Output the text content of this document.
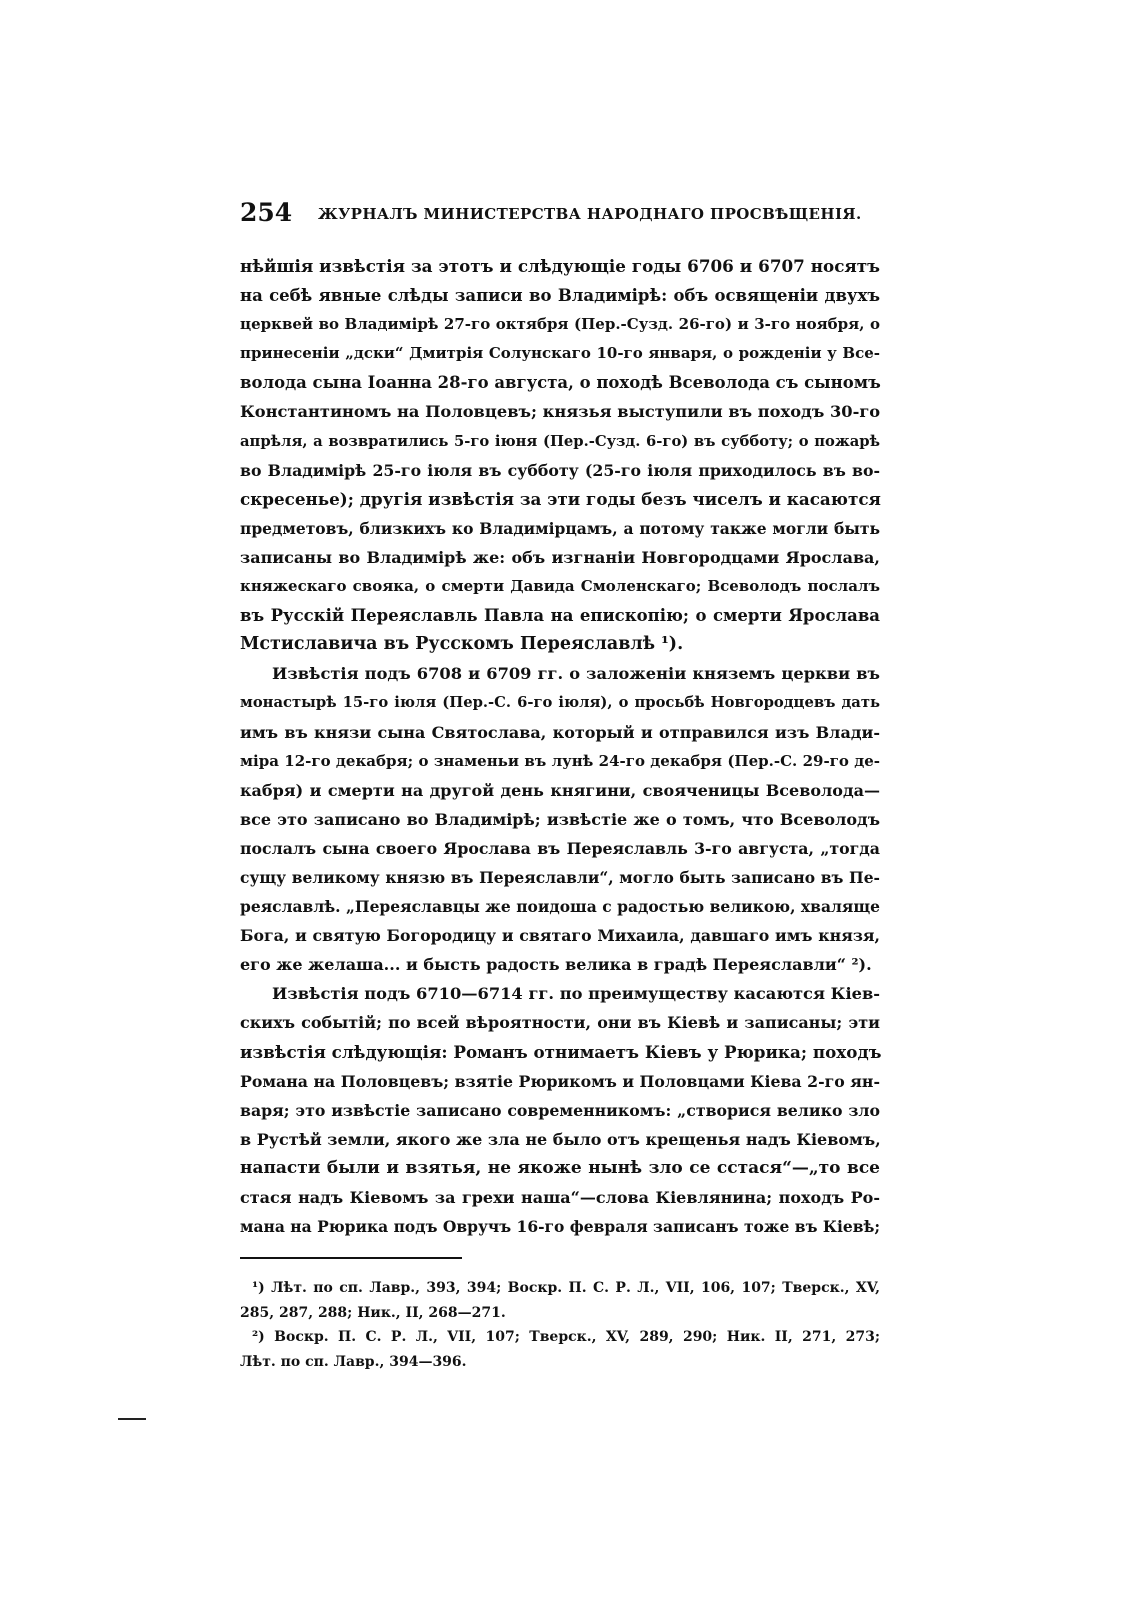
254 ЖУРНАЛЪ МИНИСТЕРСТВА НАРОДНАГО ПРОСВѢЩЕНІЯ.
нѣйшія извѣстія за этотъ и слѣдующіе годы 6706 и 6707 носятъ
на себѣ явные слѣды записи во Владимірѣ: объ освященіи двухъ
церквей во Владимірѣ 27-го октября (Пер.-Сузд. 26-го) и 3-го ноября, о
принесеніи „дски“ Дмитрія Солунскаго 10-го января, о рожденіи у Все-
волода сына Іоанна 28-го августа, о походѣ Всеволода съ сыномъ
Константиномъ на Половцевъ; князья выступили въ походъ 30-го
апрѣля, а возвратились 5-го іюня (Пер.-Сузд. 6-го) въ субботу; о пожарѣ
во Владимірѣ 25-го іюля въ субботу (25-го іюля приходилось въ во-
скресенье); другія извѣстія за эти годы безъ чиселъ и касаются
предметовъ, близкихъ ко Владимірцамъ, а потому также могли быть
записаны во Владимірѣ же: объ изгнаніи Новгородцами Ярослава,
княжескаго свояка, о смерти Давида Смоленскаго; Всеволодъ послалъ
въ Русскій Переяславль Павла на епископію; о смерти Ярослава
Мстиславича въ Русскомъ Переяславлѣ ¹).
Извѣстія подъ 6708 и 6709 гг. о заложеніи княземъ церкви въ
монастырѣ 15-го іюля (Пер.-С. 6-го іюля), о просьбѣ Новгородцевъ дать
имъ въ князи сына Святослава, который и отправился изъ Влади-
міра 12-го декабря; о знаменьи въ лунѣ 24-го декабря (Пер.-С. 29-го де-
кабря) и смерти на другой день княгини, свояченицы Всеволода—
все это записано во Владимірѣ; извѣстіе же о томъ, что Всеволодъ
послалъ сына своего Ярослава въ Переяславль 3-го августа, „тогда
сущу великому князю въ Переяславли“, могло быть записано въ Пе-
реяславлѣ. „Переяславцы же поидоша с радостью великою, хваляще
Бога, и святую Богородицу и святаго Михаила, давшаго имъ князя,
его же желаша... и бысть радость велика в градѣ Переяславли“ ²).
Извѣстія подъ 6710—6714 гг. по преимуществу касаются Кіев-
скихъ событій; по всей вѣроятности, они въ Кіевѣ и записаны; эти
извѣстія слѣдующія: Романъ отнимаетъ Кіевъ у Рюрика; походъ
Романа на Половцевъ; взятіе Рюрикомъ и Половцами Кіева 2-го ян-
варя; это извѣстіе записано современникомъ: „створися велико зло
в Рустѣй земли, якого же зла не было отъ крещенья надъ Кіевомъ,
напасти были и взятья, не якоже нынѣ зло се сстася“—„то все
стася надъ Кіевомъ за грехи наша“—слова Кіевлянина; походъ Ро-
мана на Рюрика подъ Овручъ 16-го февраля записанъ тоже въ Кіевѣ;
¹) Лѣт. по сп. Лавр., 393, 394; Воскр. П. С. Р. Л., VII, 106, 107; Тверск., XV,
285, 287, 288; Ник., II, 268—271.
²) Воскр. П. С. Р. Л., VII, 107; Тверск., XV, 289, 290; Ник. II, 271, 273;
Лѣт. по сп. Лавр., 394—396.
